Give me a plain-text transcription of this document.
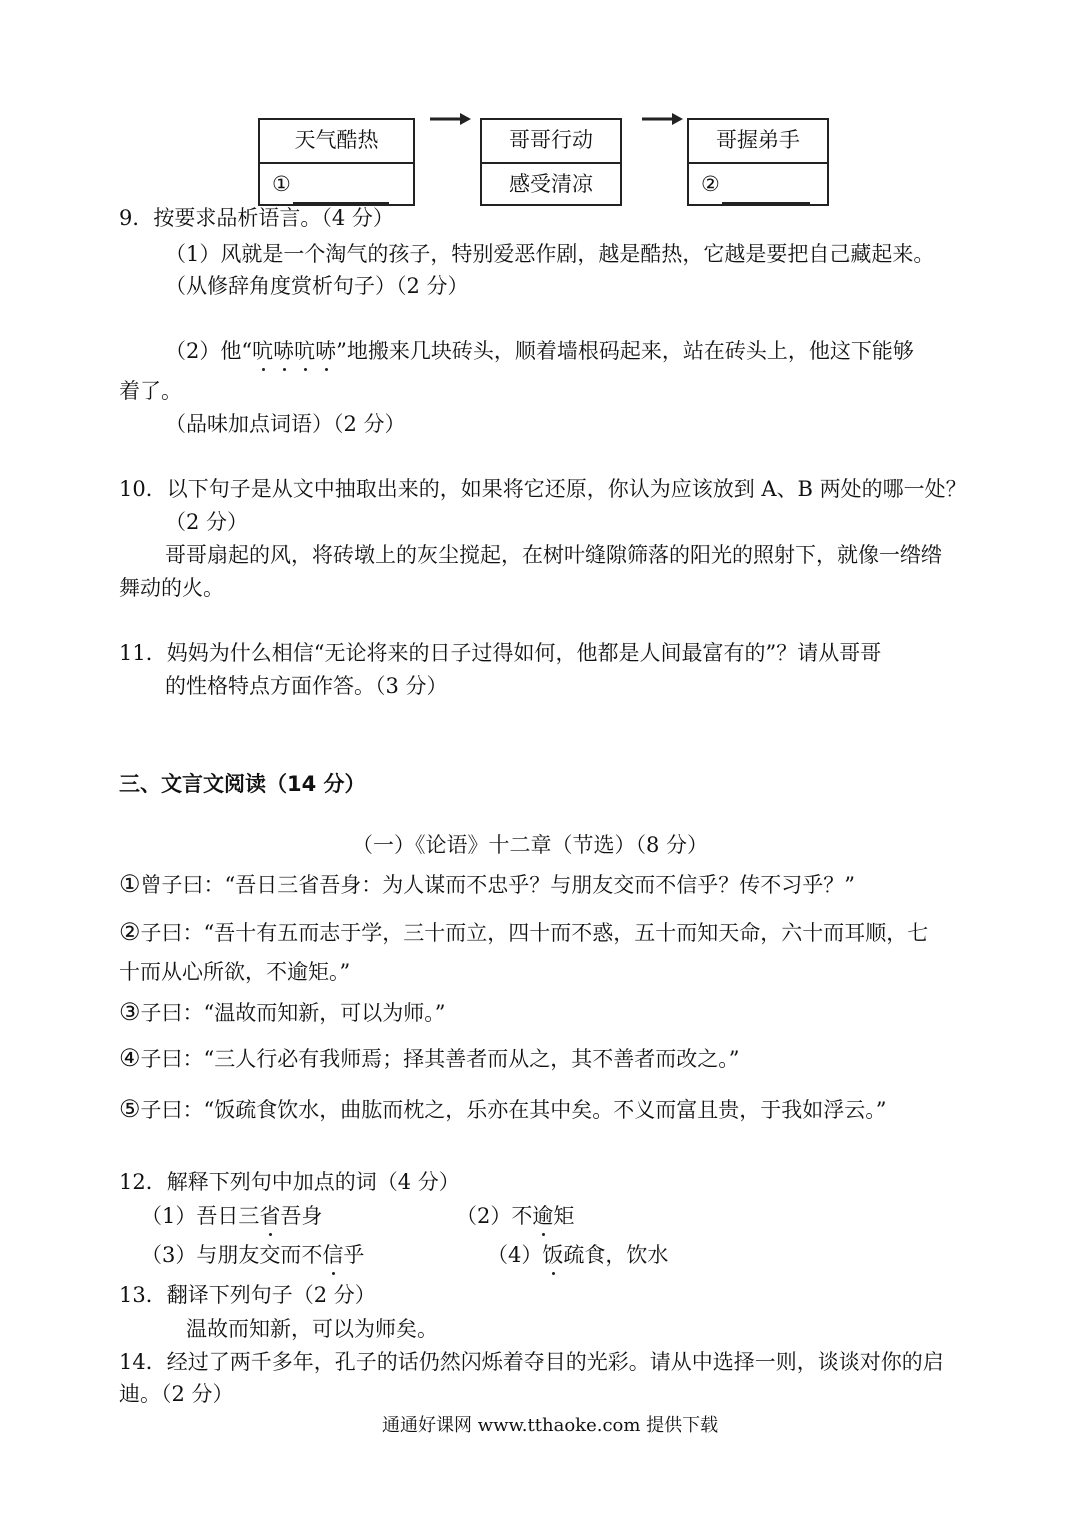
天气酷热
①
哥哥行动
感受清凉
哥握弟手
②
9．按要求品析语言。（4 分）
（1）风就是一个淘气的孩子，特别爱恶作剧，越是酷热，它越是要把自己藏起来。
（从修辞角度赏析句子）（2 分）
（2）他“吭哧吭哧”地搬来几块砖头，顺着墙根码起来，站在砖头上，他这下能够
着了。
（品味加点词语）（2 分）
10．以下句子是从文中抽取出来的，如果将它还原，你认为应该放到 A、B 两处的哪一处？
（2 分）
哥哥扇起的风，将砖墩上的灰尘搅起，在树叶缝隙筛落的阳光的照射下，就像一绺绺
舞动的火。
11．妈妈为什么相信“无论将来的日子过得如何，他都是人间最富有的”？请从哥哥
的性格特点方面作答。（3 分）
三、文言文阅读（14 分）
（一）《论语》十二章（节选）（8 分）
①曾子曰：“吾日三省吾身：为人谋而不忠乎？与朋友交而不信乎？传不习乎？”
②子曰：“吾十有五而志于学，三十而立，四十而不惑，五十而知天命，六十而耳顺，七
十而从心所欲，不逾矩。”
③子曰：“温故而知新，可以为师。”
④子曰：“三人行必有我师焉；择其善者而从之，其不善者而改之。”
⑤子曰：“饭疏食饮水，曲肱而枕之，乐亦在其中矣。不义而富且贵，于我如浮云。”
12．解释下列句中加点的词（4 分）
（1）吾日三省吾身	（2）不逾矩
（3）与朋友交而不信乎	（4）饭疏食，饮水
13．翻译下列句子（2 分）
温故而知新，可以为师矣。
14．经过了两千多年，孔子的话仍然闪烁着夺目的光彩。请从中选择一则，谈谈对你的启
迪。（2 分）
通通好课网 www.tthaoke.com 提供下载
